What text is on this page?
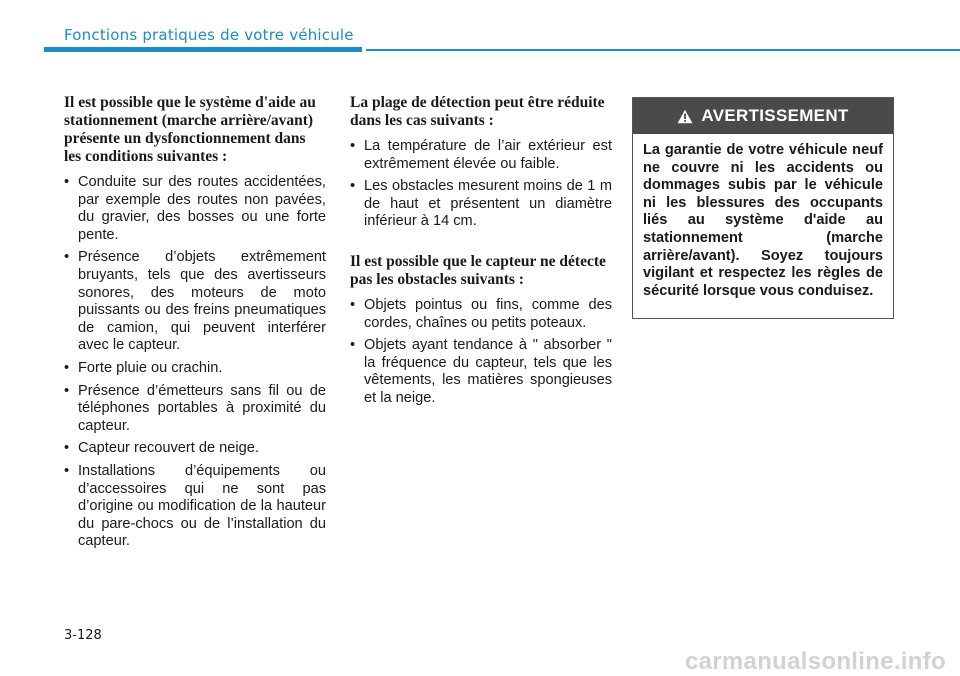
Fonctions pratiques de votre véhicule

Il est possible que le système d'aide au stationnement (marche arrière/avant) présente un dysfonctionnement dans les conditions suivantes :

• Conduite sur des routes accidentées, par exemple des routes non pavées, du gravier, des bosses ou une forte pente.
• Présence d’objets extrêmement bruyants, tels que des avertisseurs sonores, des moteurs de moto puissants ou des freins pneumatiques de camion, qui peuvent interférer avec le capteur.
• Forte pluie ou crachin.
• Présence d’émetteurs sans fil ou de téléphones portables à proximité du capteur.
• Capteur recouvert de neige.
• Installations d’équipements ou d’accessoires qui ne sont pas d’origine ou modification de la hauteur du pare-chocs ou de l’installation du capteur.

La plage de détection peut être réduite dans les cas suivants :

• La température de l’air extérieur est extrêmement élevée ou faible.
• Les obstacles mesurent moins de 1 m de haut et présentent un diamètre inférieur à 14 cm.

Il est possible que le capteur ne détecte pas les obstacles suivants :

• Objets pointus ou fins, comme des cordes, chaînes ou petits poteaux.
• Objets ayant tendance à " absorber " la fréquence du capteur, tels que les vêtements, les matières spongieuses et la neige.
AVERTISSEMENT
La garantie de votre véhicule neuf ne couvre ni les accidents ou dommages subis par le véhicule ni les blessures des occupants liés au système d'aide au stationnement (marche arrière/avant). Soyez toujours vigilant et respectez les règles de sécurité lorsque vous conduisez.
3-128
carmanualsonline.info
